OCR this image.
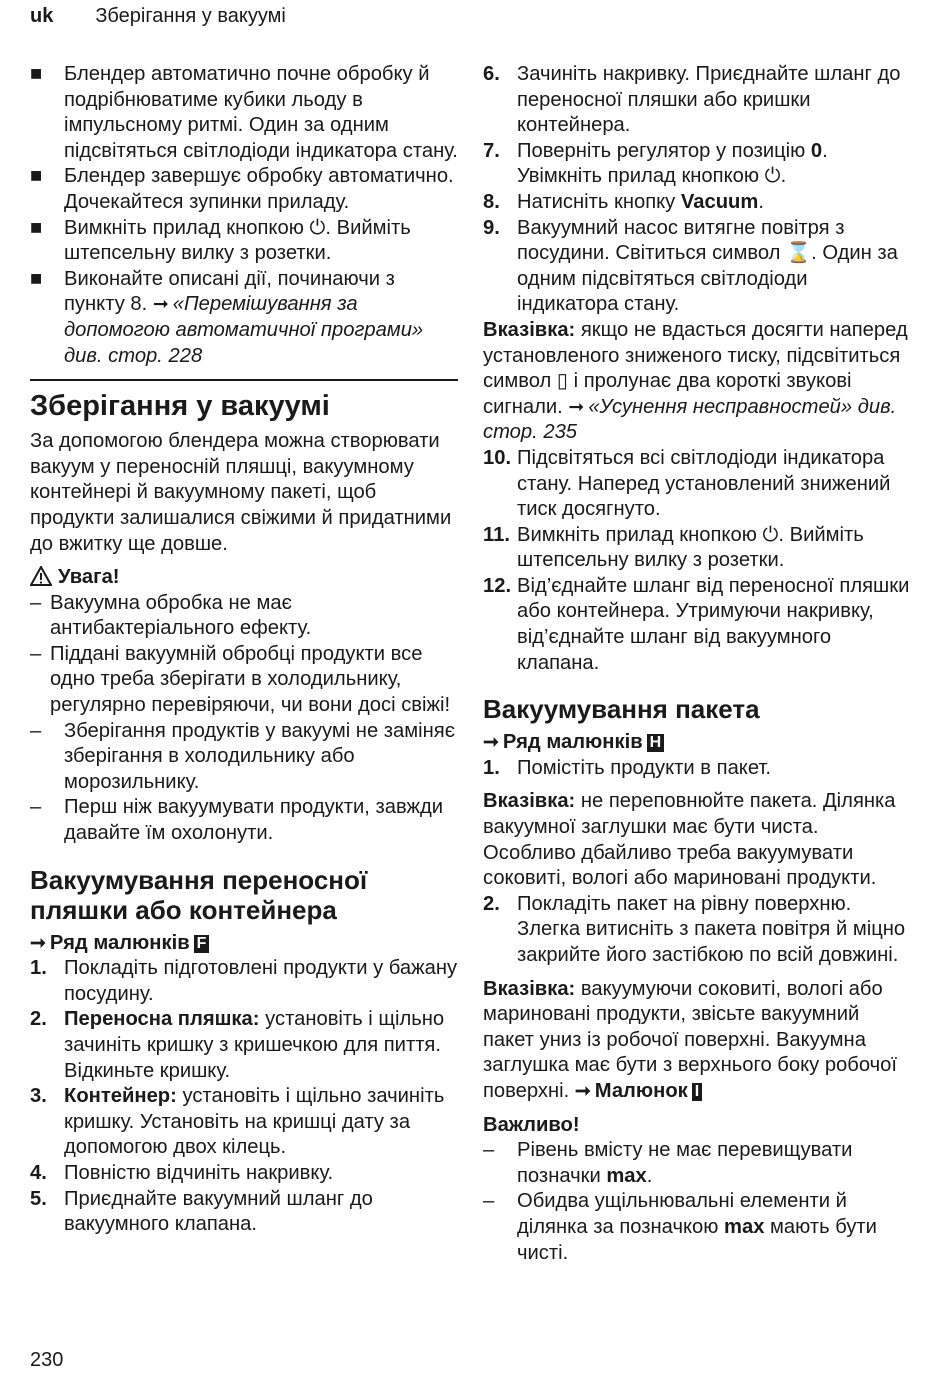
uk Зберігання у вакуумі
■	Блендер автоматично почне обробку й подрібнюватиме кубики льоду в імпульсному ритмі. Один за одним підсвітяться світлодіоди індикатора стану.
■	Блендер завершує обробку автоматично. Дочекайтеся зупинки приладу.
■	Вимкніть прилад кнопкою ⏻. Вийміть штепсельну вилку з розетки.
■	Виконайте описані дії, починаючи з пункту 8. ➞ «Перемішування за допомогою автоматичної програми» див. стор. 228
Зберігання у вакуумі
За допомогою блендера можна створювати вакуум у переносній пляшці, вакуумному контейнері й вакуумному пакеті, щоб продукти залишалися свіжими й придатними до вжитку ще довше.
Увага!
– Вакуумна обробка не має антибактеріального ефекту.
– Піддані вакуумній обробці продукти все одно треба зберігати в холодильнику, регулярно перевіряючи, чи вони досі свіжі!
–	Зберігання продуктів у вакуумі не заміняє зберігання в холодильнику або морозильнику.
–	Перш ніж вакуумувати продукти, завжди давайте їм охолонути.
Вакуумування переносної пляшки або контейнера
➞ Ряд малюнків F
1. Покладіть підготовлені продукти у бажану посудину.
2. Переносна пляшка: установіть і щільно зачиніть кришку з кришечкою для пиття. Відкиньте кришку.
3. Контейнер: установіть і щільно зачиніть кришку. Установіть на кришці дату за допомогою двох кілець.
4. Повністю відчиніть накривку.
5. Приєднайте вакуумний шланг до вакуумного клапана.
6. Зачиніть накривку. Приєднайте шланг до переносної пляшки або кришки контейнера.
7. Поверніть регулятор у позицію 0. Увімкніть прилад кнопкою ⏻.
8. Натисніть кнопку Vacuum.
9. Вакуумний насос витягне повітря з посудини. Світиться символ ⌛. Один за одним підсвітяться світлодіоди індикатора стану.
Вказівка: якщо не вдасться досягти наперед установленого зниженого тиску, підсвітиться символ ▯ і пролунає два короткі звукові сигнали. ➞ «Усунення несправностей» див. стор. 235
10. Підсвітяться всі світлодіоди індикатора стану. Наперед установлений знижений тиск досягнуто.
11. Вимкніть прилад кнопкою ⏻. Вийміть штепсельну вилку з розетки.
12. Від’єднайте шланг від переносної пляшки або контейнера. Утримуючи накривку, від’єднайте шланг від вакуумного клапана.
Вакуумування пакета
➞ Ряд малюнків H
1. Помістіть продукти в пакет.
Вказівка: не переповнюйте пакета. Ділянка вакуумної заглушки має бути чиста. Особливо дбайливо треба вакуумувати соковиті, вологі або мариновані продукти.
2. Покладіть пакет на рівну поверхню. Злегка витисніть з пакета повітря й міцно закрийте його застібкою по всій довжині.
Вказівка: вакуумуючи соковиті, вологі або мариновані продукти, звісьте вакуумний пакет униз із робочої поверхні. Вакуумна заглушка має бути з верхнього боку робочої поверхні. ➞ Малюнок I
Важливо!
–	Рівень вмісту не має перевищувати позначки max.
–	Обидва ущільнювальні елементи й ділянка за позначкою max мають бути чисті.
230
